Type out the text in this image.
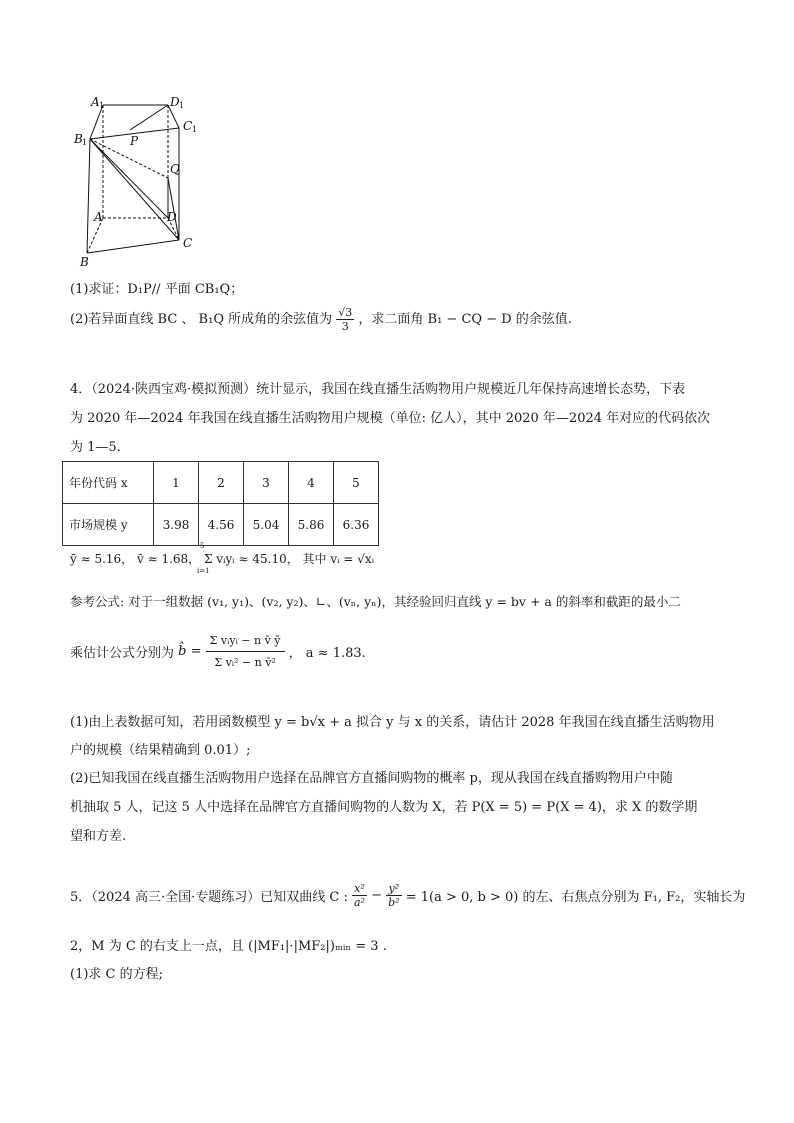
A 1	D 1
C 1
B 1	P
Q
A	D
C
B
(1)求证：D₁P// 平面 CB₁Q；
(2)若异面直线 BC 、 B₁Q 所成角的余弦值为 $\frac{√3}{3}$ ，求二面角 B₁ − CQ − D 的余弦值.
4．（2024·陕西宝鸡·模拟预测）统计显示，我国在线直播生活购物用户规模近几年保持高速增长态势，下表
为 2020 年—2024 年我国在线直播生活购物用户规模（单位: 亿人），其中 2020 年—2024 年对应的代码依次
为 1—5.
年份代码 x	1	2	3	4	5
市场规模 y	3.98	4.56	5.04	5.86	6.36
ȳ ≈ 5.16， v̄ ≈ 1.68， Σ vᵢyᵢ ≈ 45.10， 其中 vᵢ = √xᵢ
5
i=1
参考公式: 对于一组数据 (v₁, y₁)、(v₂, y₂)、∟、(vₙ, yₙ)，其经验回归直线 y = bv + a 的斜率和截距的最小二
乘估计公式分别为 b̂ = $\frac{\text{Σ vᵢyᵢ − n v̄ ȳ}}{\text{Σ vᵢ² − n v̄²}}$ ， a ≈ 1.83.
(1)由上表数据可知，若用函数模型 y = b√x + a 拟合 y 与 x 的关系，请估计 2028 年我国在线直播生活购物用
户的规模（结果精确到 0.01）;
(2)已知我国在线直播生活购物用户选择在品牌官方直播间购物的概率 p，现从我国在线直播购物用户中随
机抽取 5 人，记这 5 人中选择在品牌官方直播间购物的人数为 X，若 P(X = 5) = P(X = 4)，求 X 的数学期
望和方差.
5．（2024 高三·全国·专题练习）已知双曲线 C : $\frac{\text{x²}}{\text{a²}} - \frac{\text{y²}}{\text{b²}} = 1(a > 0$, b > 0) 的左、右焦点分别为 F₁, F₂，实轴长为
2，M 为 C 的右支上一点，且 (|MF₁|·|MF₂|)ₘᵢₙ = 3 .
(1)求 C 的方程;
